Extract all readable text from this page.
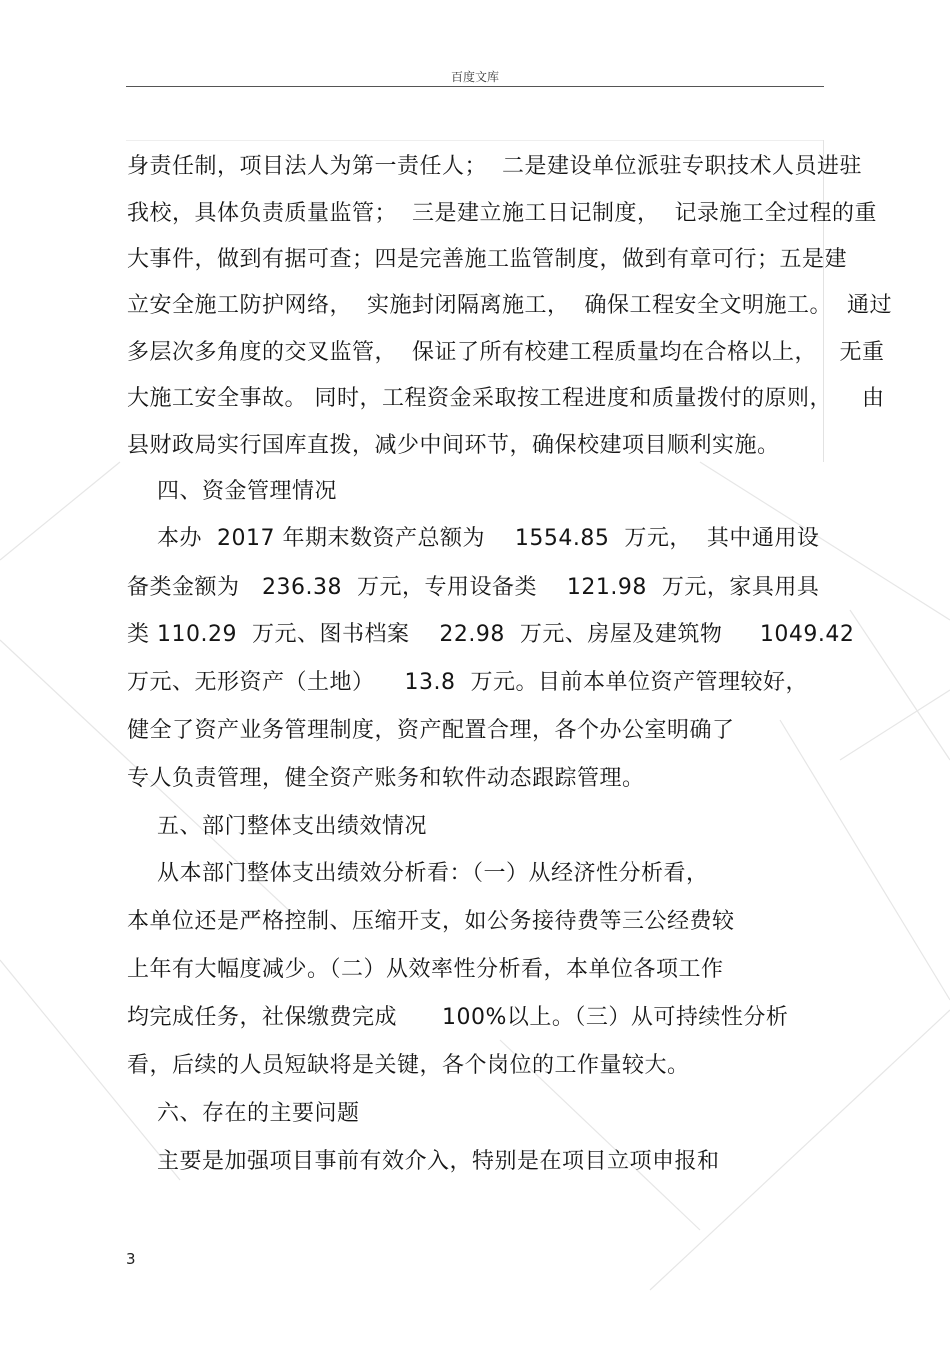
百度文库
身责任制，项目法人为第一责任人；  二是建设单位派驻专职技术人员进驻
我校，具体负责质量监管；  三是建立施工日记制度，  记录施工全过程的重
大事件，做到有据可查；四是完善施工监管制度，做到有章可行；五是建
立安全施工防护网络，  实施封闭隔离施工，  确保工程安全文明施工。  通过
多层次多角度的交叉监管，  保证了所有校建工程质量均在合格以上，   无重
大施工安全事故。 同时，工程资金采取按工程进度和质量拨付的原则，    由
县财政局实行国库直拨，减少中间环节，确保校建项目顺利实施。
四、资金管理情况
本办  2017 年期末数资产总额为    1554.85  万元，  其中通用设
备类金额为   236.38  万元，专用设备类    121.98  万元，家具用具
类 110.29  万元、图书档案    22.98  万元、房屋及建筑物     1049.42
万元、无形资产（土地）    13.8  万元。目前本单位资产管理较好，
健全了资产业务管理制度，资产配置合理，各个办公室明确了
专人负责管理，健全资产账务和软件动态跟踪管理。
五、部门整体支出绩效情况
从本部门整体支出绩效分析看：（一）从经济性分析看，
本单位还是严格控制、压缩开支，如公务接待费等三公经费较
上年有大幅度减少。（二）从效率性分析看，本单位各项工作
均完成任务，社保缴费完成      100%以上。（三）从可持续性分析
看，后续的人员短缺将是关键，各个岗位的工作量较大。
六、存在的主要问题
主要是加强项目事前有效介入，特别是在项目立项申报和
3
